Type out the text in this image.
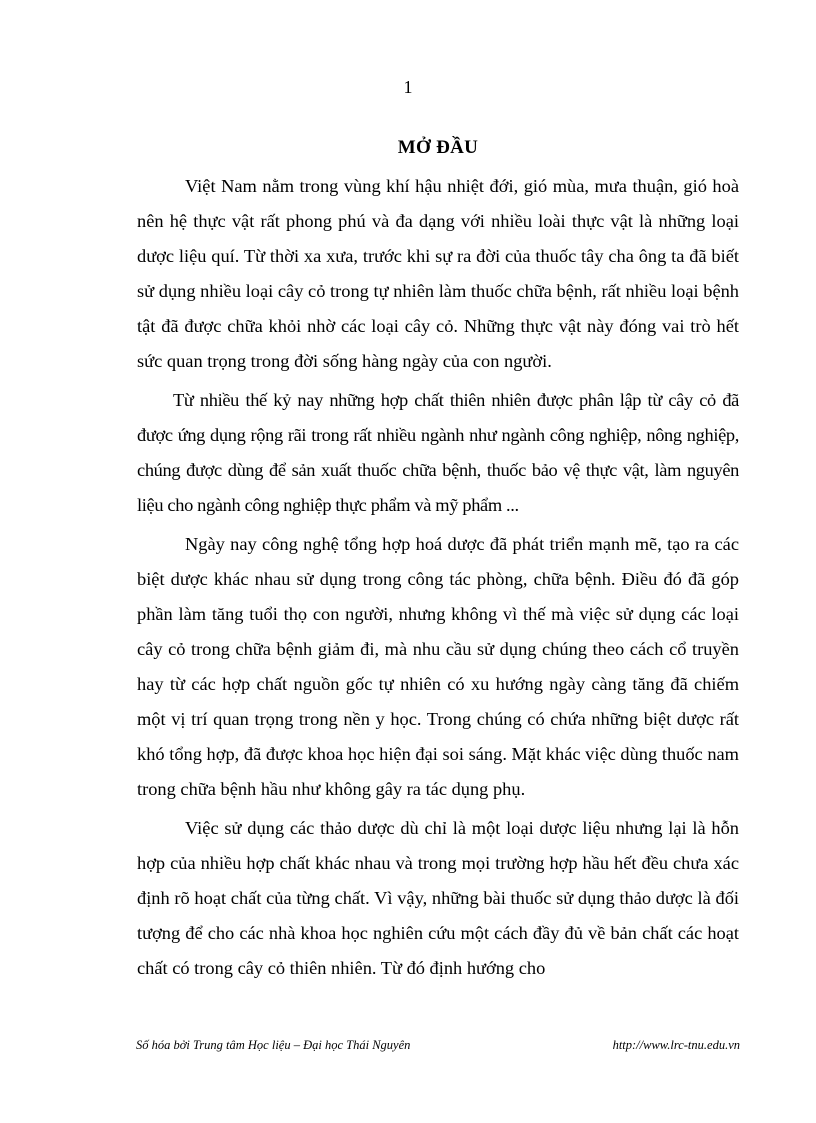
1
MỞ ĐẦU

Việt Nam nằm trong vùng khí hậu nhiệt đới, gió mùa, mưa thuận, gió hoà nên hệ thực vật rất phong phú và đa dạng với nhiều loài thực vật là những loại dược liệu quí. Từ thời xa xưa, trước khi sự ra đời của thuốc tây cha ông ta đã biết sử dụng nhiều loại cây cỏ trong tự nhiên làm thuốc chữa bệnh, rất nhiều loại bệnh tật đã được chữa khỏi nhờ các loại cây cỏ. Những thực vật này đóng vai trò hết sức quan trọng trong đời sống hàng ngày của con người.

Từ nhiều thế kỷ nay những hợp chất thiên nhiên được phân lập từ cây cỏ đã được ứng dụng rộng rãi trong rất nhiều ngành như ngành công nghiệp, nông nghiệp, chúng được dùng để sản xuất thuốc chữa bệnh, thuốc bảo vệ thực vật, làm nguyên liệu cho ngành công nghiệp thực phẩm và mỹ phẩm ...

Ngày nay công nghệ tổng hợp hoá dược đã phát triển mạnh mẽ, tạo ra các biệt dược khác nhau sử dụng trong công tác phòng, chữa bệnh. Điều đó đã góp phần làm tăng tuổi thọ con người, nhưng không vì thế mà việc sử dụng các loại cây cỏ trong chữa bệnh giảm đi, mà nhu cầu sử dụng chúng theo cách cổ truyền hay từ các hợp chất nguồn gốc tự nhiên có xu hướng ngày càng tăng đã chiếm một vị trí quan trọng trong nền y học. Trong chúng có chứa những biệt dược rất khó tổng hợp, đã được khoa học hiện đại soi sáng. Mặt khác việc dùng thuốc nam trong chữa bệnh hầu như không gây ra tác dụng phụ.

Việc sử dụng các thảo dược dù chỉ là một loại dược liệu nhưng lại là hỗn hợp của nhiều hợp chất khác nhau và trong mọi trường hợp hầu hết đều chưa xác định rõ hoạt chất của từng chất. Vì vậy, những bài thuốc sử dụng thảo dược là đối tượng để cho các nhà khoa học nghiên cứu một cách đầy đủ về bản chất các hoạt chất có trong cây cỏ thiên nhiên. Từ đó định hướng cho

Số hóa bởi Trung tâm Học liệu – Đại học Thái Nguyên	http://www.lrc-tnu.edu.vn
